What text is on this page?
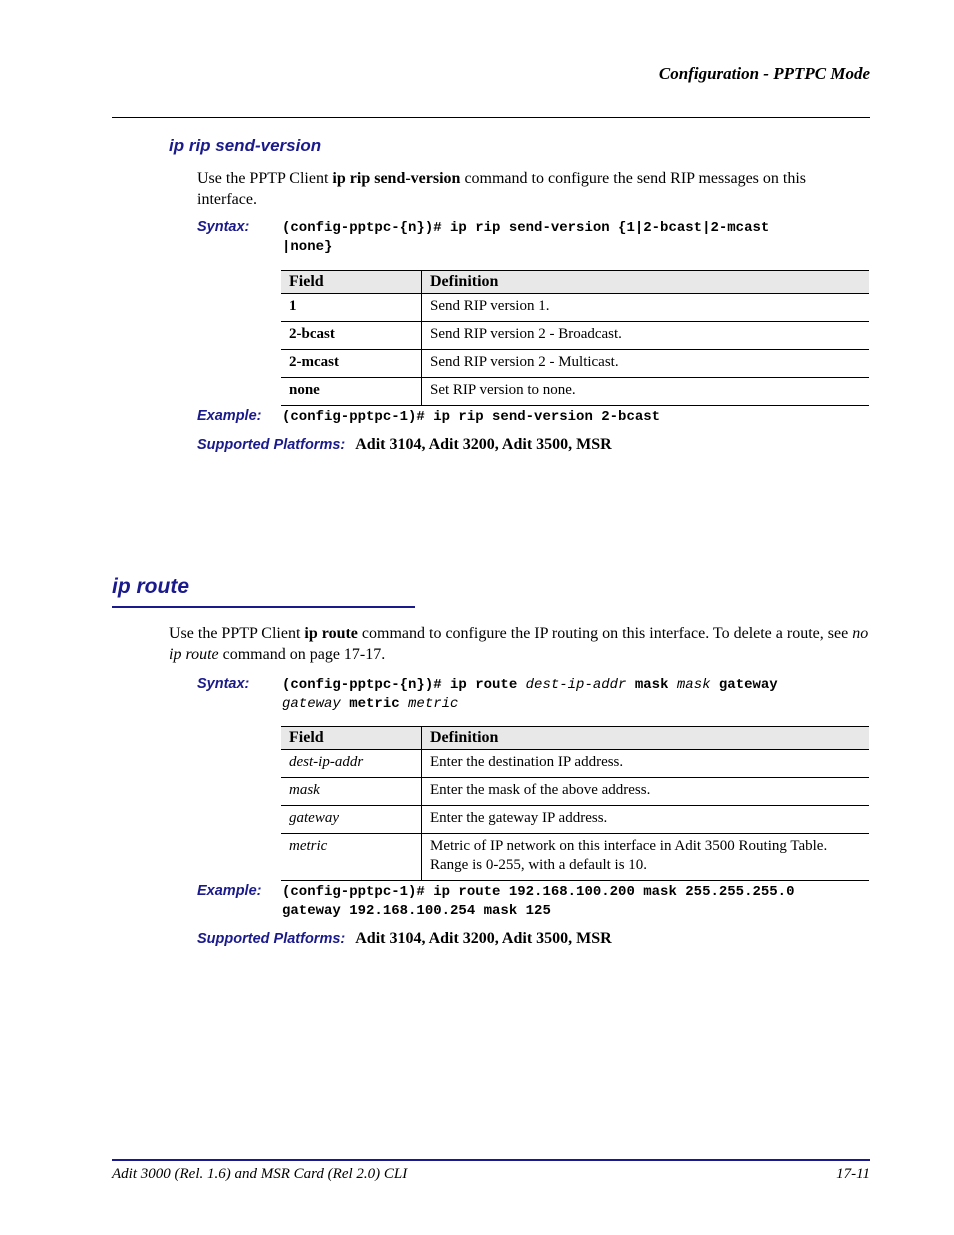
Configuration - PPTPC Mode
ip rip send-version
Use the PPTP Client ip rip send-version command to configure the send RIP messages on this interface.
Syntax: (config-pptpc-{n})# ip rip send-version {1|2-bcast|2-mcast
|none}
Field	Definition
1	Send RIP version 1.
2-bcast	Send RIP version 2 - Broadcast.
2-mcast	Send RIP version 2 - Multicast.
none	Set RIP version to none.
Example: (config-pptpc-1)# ip rip send-version 2-bcast
Supported Platforms: Adit 3104, Adit 3200, Adit 3500, MSR
ip route
Use the PPTP Client ip route command to configure the IP routing on this interface. To delete a route, see no ip route command on page 17-17.
Syntax: (config-pptpc-{n})# ip route dest-ip-addr mask mask gateway
gateway metric metric
Field	Definition
dest-ip-addr	Enter the destination IP address.
mask	Enter the mask of the above address.
gateway	Enter the gateway IP address.
metric	Metric of IP network on this interface in Adit 3500 Routing Table.
Range is 0-255, with a default is 10.
Example: (config-pptpc-1)# ip route 192.168.100.200 mask 255.255.255.0
gateway 192.168.100.254 mask 125
Supported Platforms: Adit 3104, Adit 3200, Adit 3500, MSR
Adit 3000 (Rel. 1.6) and MSR Card (Rel 2.0) CLI	17-11
